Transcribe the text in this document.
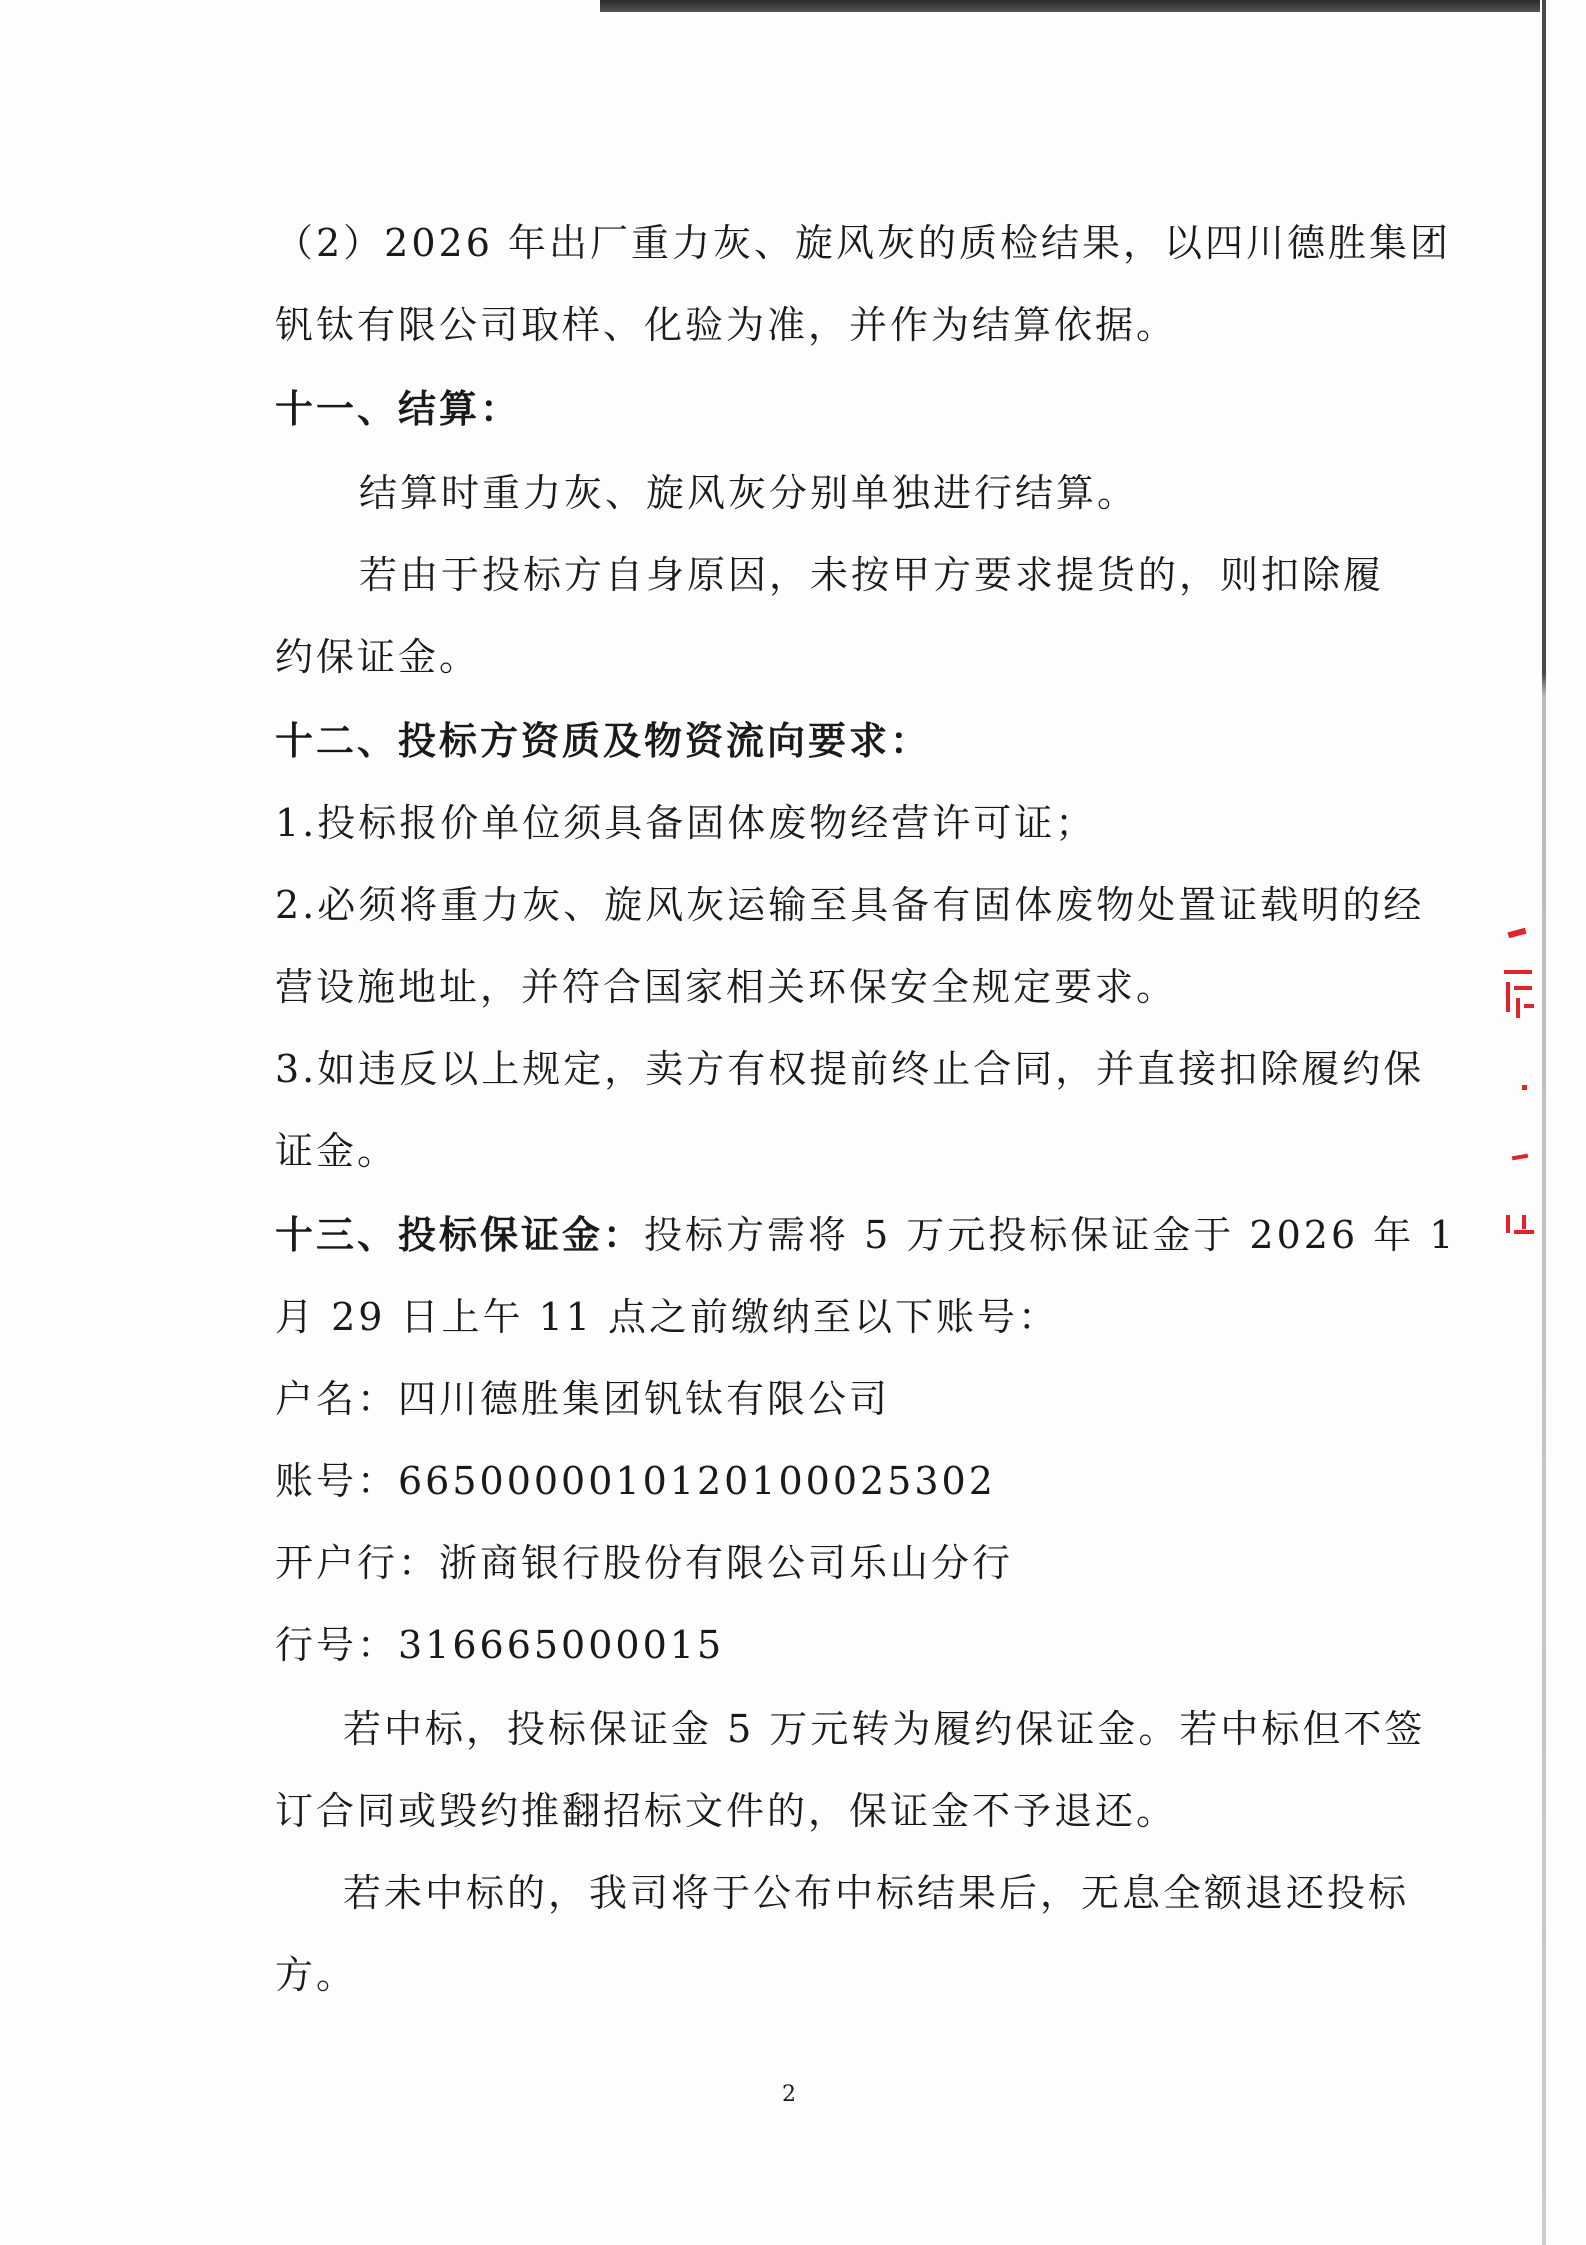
（2）2026 年出厂重力灰、旋风灰的质检结果，以四川德胜集团
钒钛有限公司取样、化验为准，并作为结算依据。
十一、结算：
结算时重力灰、旋风灰分别单独进行结算。
若由于投标方自身原因，未按甲方要求提货的，则扣除履
约保证金。
十二、投标方资质及物资流向要求：
1.投标报价单位须具备固体废物经营许可证；
2.必须将重力灰、旋风灰运输至具备有固体废物处置证载明的经
营设施地址，并符合国家相关环保安全规定要求。
3.如违反以上规定，卖方有权提前终止合同，并直接扣除履约保
证金。
十三、投标保证金：投标方需将 5 万元投标保证金于 2026 年 1
月 29 日上午 11 点之前缴纳至以下账号：
户名：四川德胜集团钒钛有限公司
账号：665000001012010002530​2
开户行：浙商银行股份有限公司乐山分行
行号：316665000015
若中标，投标保证金 5 万元转为履约保证金。若中标但不签
订合同或毁约推翻招标文件的，保证金不予退还。
若未中标的，我司将于公布中标结果后，无息全额退还投标
方。
2
